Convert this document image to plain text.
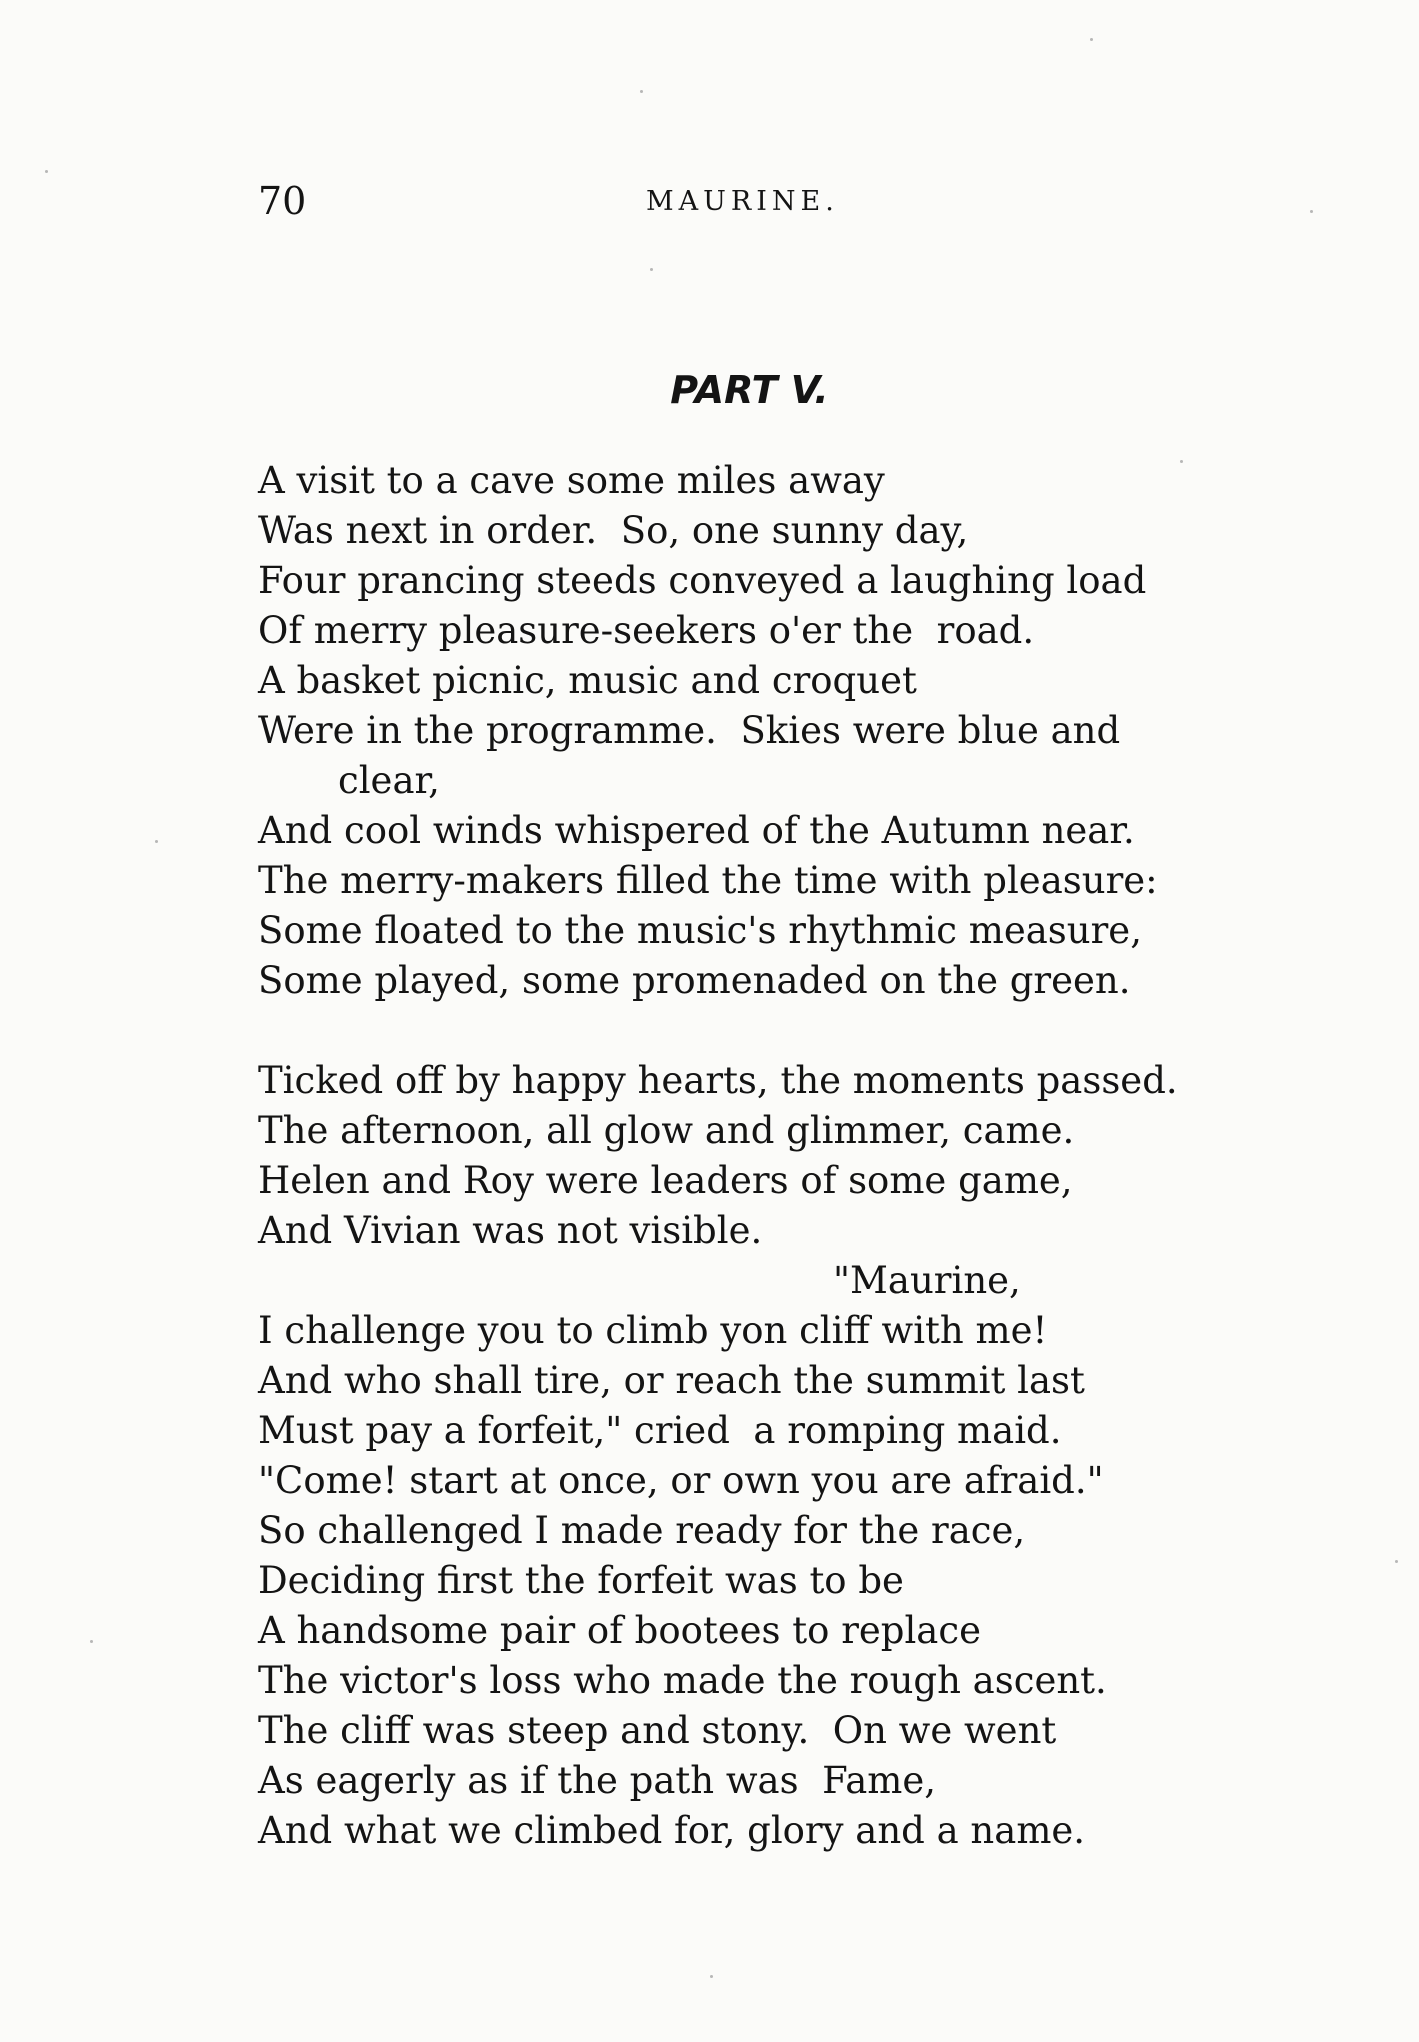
70	MAURINE.
PART V.
A visit to a cave some miles away
Was next in order.  So, one sunny day,
Four prancing steeds conveyed a laughing load
Of merry pleasure-seekers o'er the  road.
A basket picnic, music and croquet
Were in the programme.  Skies were blue and
clear,
And cool winds whispered of the Autumn near.
The merry-makers filled the time with pleasure:
Some floated to the music's rhythmic measure,
Some played, some promenaded on the green.
Ticked off by happy hearts, the moments passed.
The afternoon, all glow and glimmer, came.
Helen and Roy were leaders of some game,
And Vivian was not visible.
"Maurine,
I challenge you to climb yon cliff with me!
And who shall tire, or reach the summit last
Must pay a forfeit," cried  a romping maid.
"Come! start at once, or own you are afraid."
So challenged I made ready for the race,
Deciding first the forfeit was to be
A handsome pair of bootees to replace
The victor's loss who made the rough ascent.
The cliff was steep and stony.  On we went
As eagerly as if the path was  Fame,
And what we climbed for, glory and a name.
